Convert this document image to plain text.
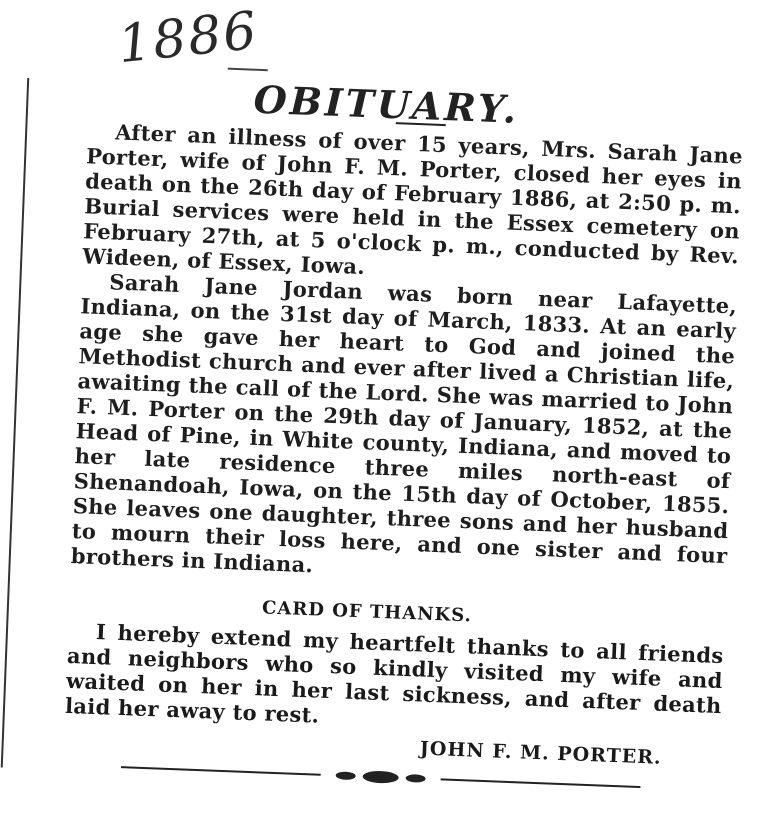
1886
OBITUARY.

After an illness of over 15 years, Mrs. Sarah Jane Porter, wife of John F. M. Porter, closed her eyes in death on the 26th day of February 1886, at 2:50 p. m. Burial services were held in the Essex cemetery on February 27th, at 5 o'clock p. m., conducted by Rev. Wideen, of Essex, Iowa.

Sarah Jane Jordan was born near Lafayette, Indiana, on the 31st day of March, 1833. At an early age she gave her heart to God and joined the Methodist church and ever after lived a Christian life, awaiting the call of the Lord. She was married to John F. M. Porter on the 29th day of January, 1852, at the Head of Pine, in White county, Indiana, and moved to her late residence three miles north-east of Shenandoah, Iowa, on the 15th day of October, 1855. She leaves one daughter, three sons and her husband to mourn their loss here, and one sister and four brothers in Indiana.

CARD OF THANKS.

I hereby extend my heartfelt thanks to all friends and neighbors who so kindly visited my wife and waited on her in her last sickness, and after death laid her away to rest.

JOHN F. M. PORTER.
